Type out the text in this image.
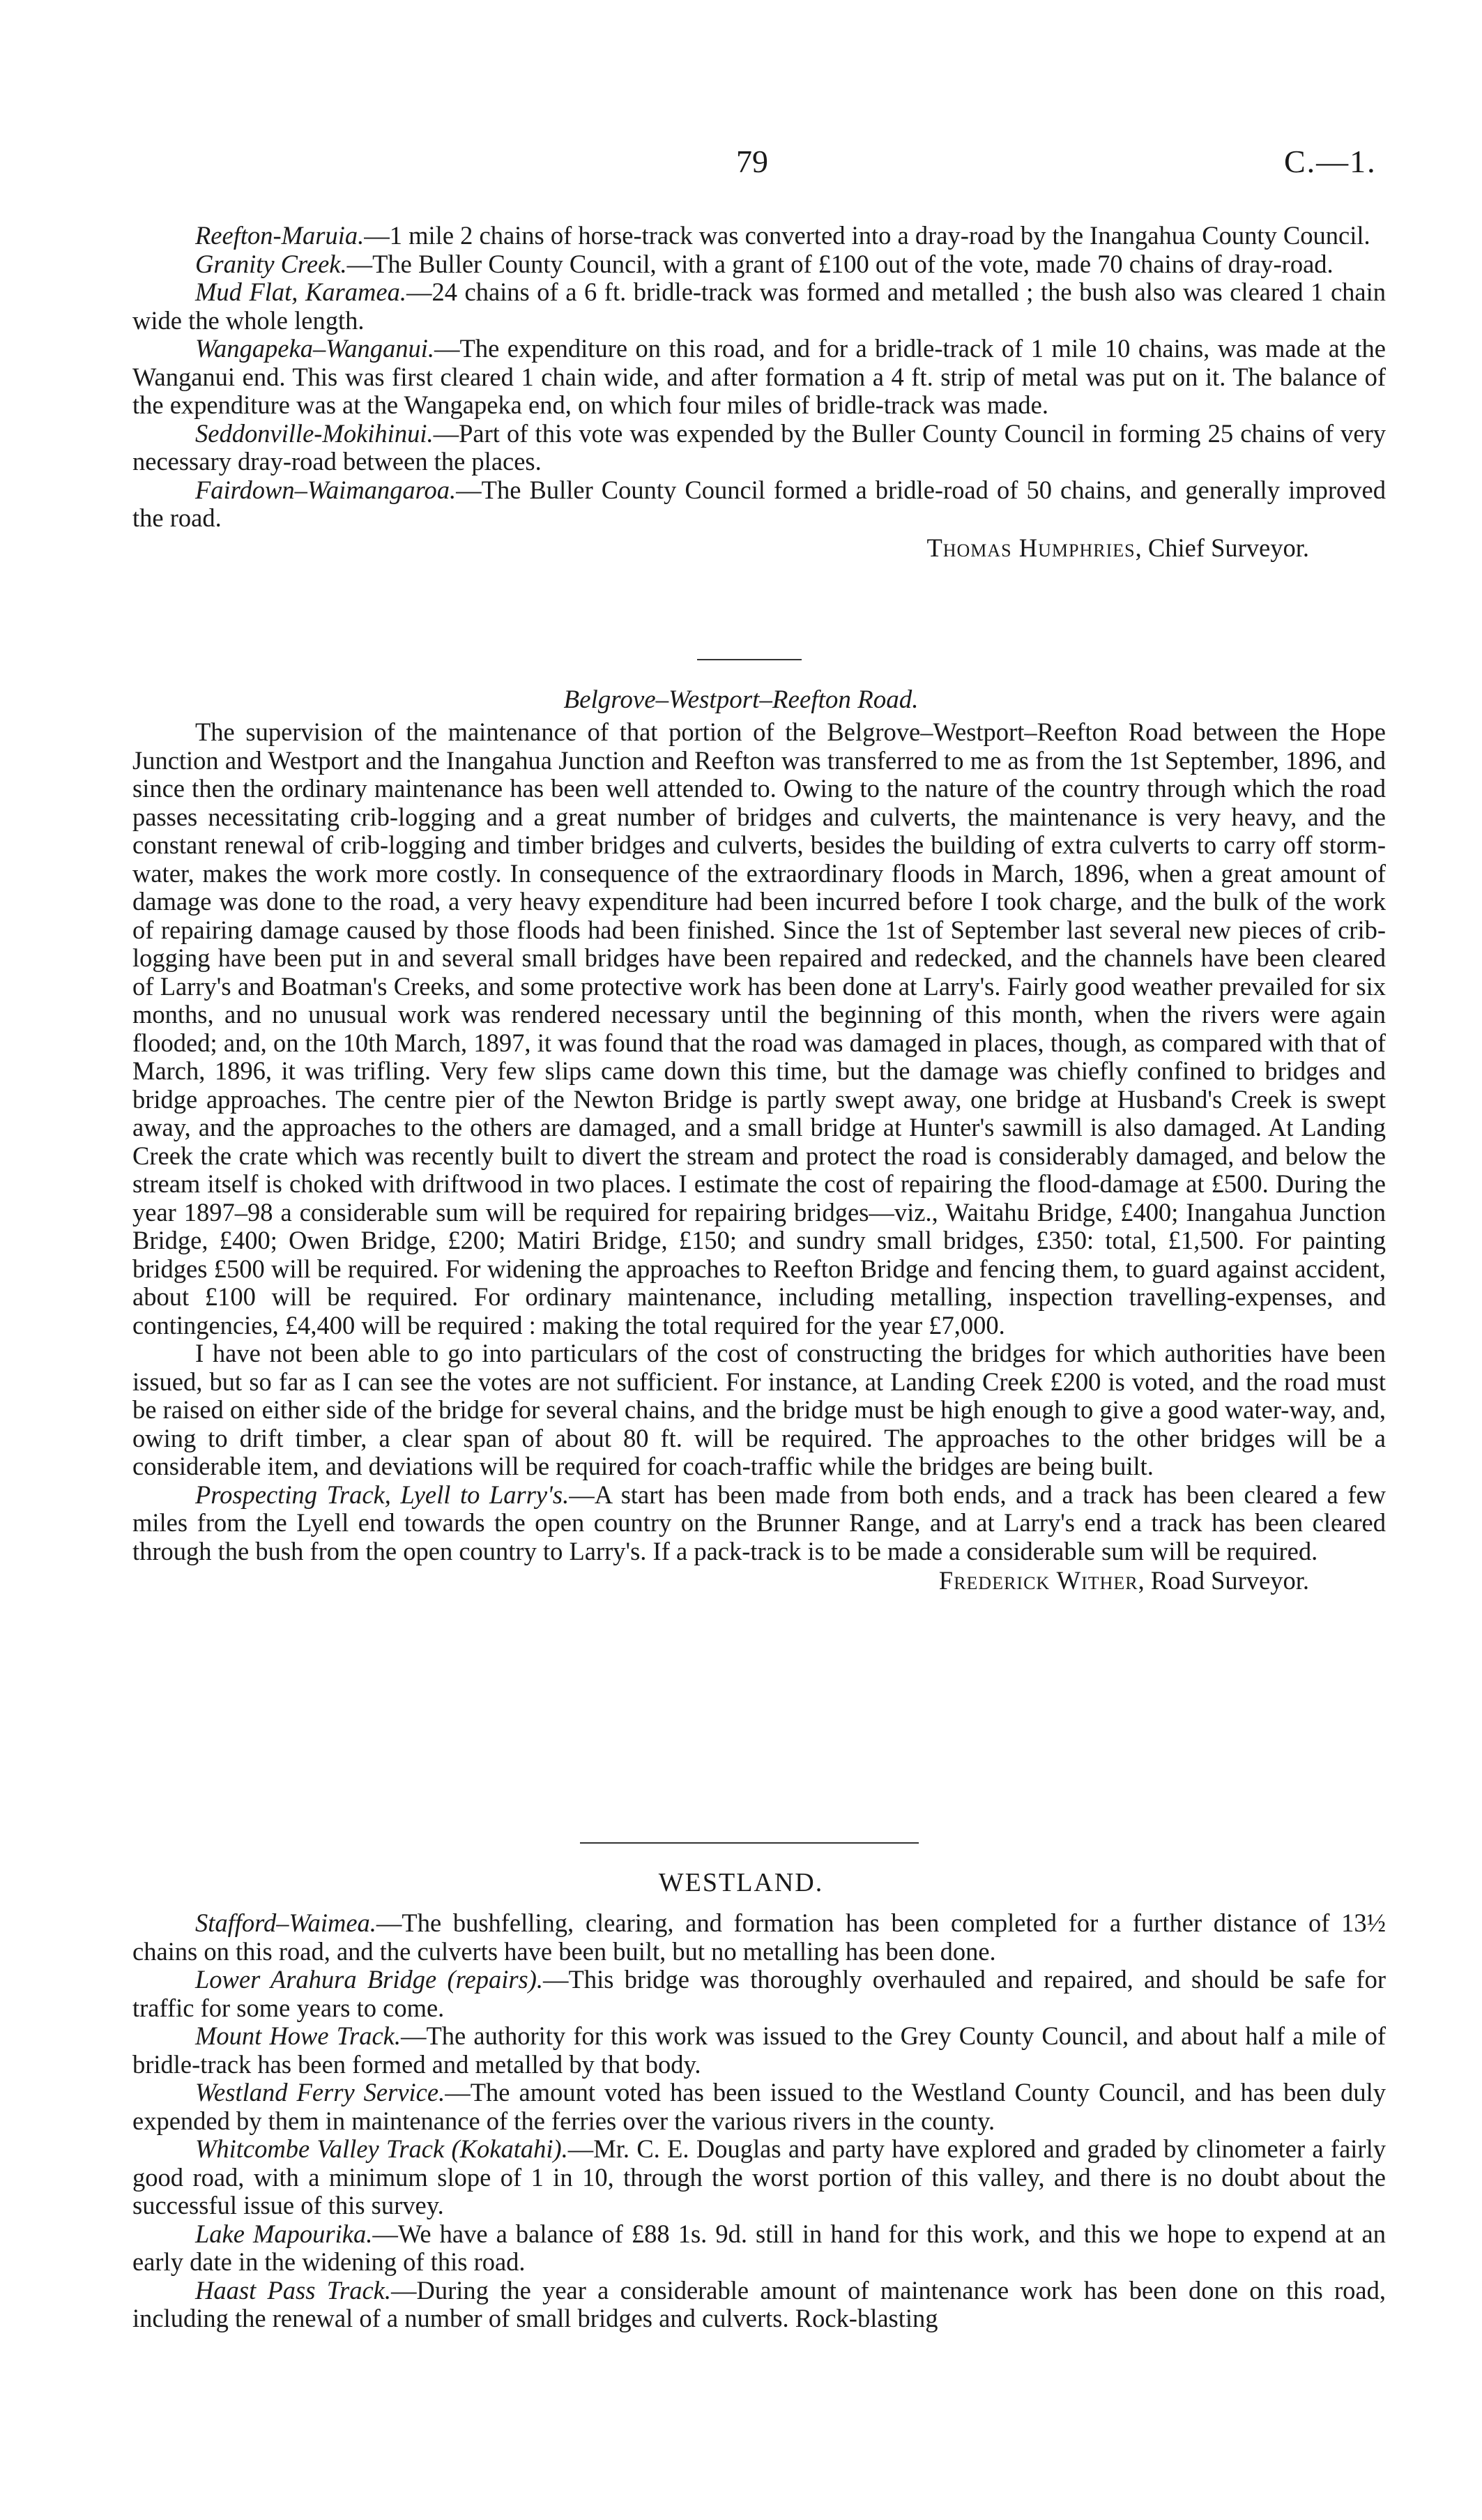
79	C.—1.

Reefton-Maruia.—1 mile 2 chains of horse-track was converted into a dray-road by the Inangahua County Council.

Granity Creek.—The Buller County Council, with a grant of £100 out of the vote, made 70 chains of dray-road.

Mud Flat, Karamea.—24 chains of a 6 ft. bridle-track was formed and metalled ; the bush also was cleared 1 chain wide the whole length.

Wangapeka–Wanganui.—The expenditure on this road, and for a bridle-track of 1 mile 10 chains, was made at the Wanganui end. This was first cleared 1 chain wide, and after formation a 4 ft. strip of metal was put on it. The balance of the expenditure was at the Wangapeka end, on which four miles of bridle-track was made.

Seddonville-Mokihinui.—Part of this vote was expended by the Buller County Council in forming 25 chains of very necessary dray-road between the places.

Fairdown–Waimangaroa.—The Buller County Council formed a bridle-road of 50 chains, and generally improved the road.

Thomas Humphries, Chief Surveyor.
Belgrove–Westport–Reefton Road.

The supervision of the maintenance of that portion of the Belgrove–Westport–Reefton Road between the Hope Junction and Westport and the Inangahua Junction and Reefton was transferred to me as from the 1st September, 1896, and since then the ordinary maintenance has been well attended to. Owing to the nature of the country through which the road passes necessitating crib-logging and a great number of bridges and culverts, the maintenance is very heavy, and the constant renewal of crib-logging and timber bridges and culverts, besides the building of extra culverts to carry off storm-water, makes the work more costly. In consequence of the extraordinary floods in March, 1896, when a great amount of damage was done to the road, a very heavy expenditure had been incurred before I took charge, and the bulk of the work of repairing damage caused by those floods had been finished. Since the 1st of September last several new pieces of crib-logging have been put in and several small bridges have been repaired and redecked, and the channels have been cleared of Larry's and Boatman's Creeks, and some protective work has been done at Larry's. Fairly good weather prevailed for six months, and no unusual work was rendered necessary until the beginning of this month, when the rivers were again flooded; and, on the 10th March, 1897, it was found that the road was damaged in places, though, as compared with that of March, 1896, it was trifling. Very few slips came down this time, but the damage was chiefly confined to bridges and bridge approaches. The centre pier of the Newton Bridge is partly swept away, one bridge at Husband's Creek is swept away, and the approaches to the others are damaged, and a small bridge at Hunter's sawmill is also damaged. At Landing Creek the crate which was recently built to divert the stream and protect the road is considerably damaged, and below the stream itself is choked with driftwood in two places. I estimate the cost of repairing the flood-damage at £500. During the year 1897–98 a considerable sum will be required for repairing bridges—viz., Waitahu Bridge, £400; Inangahua Junction Bridge, £400; Owen Bridge, £200; Matiri Bridge, £150; and sundry small bridges, £350: total, £1,500. For painting bridges £500 will be required. For widening the approaches to Reefton Bridge and fencing them, to guard against accident, about £100 will be required. For ordinary maintenance, including metalling, inspection travelling-expenses, and contingencies, £4,400 will be required : making the total required for the year £7,000.

I have not been able to go into particulars of the cost of constructing the bridges for which authorities have been issued, but so far as I can see the votes are not sufficient. For instance, at Landing Creek £200 is voted, and the road must be raised on either side of the bridge for several chains, and the bridge must be high enough to give a good water-way, and, owing to drift timber, a clear span of about 80 ft. will be required. The approaches to the other bridges will be a considerable item, and deviations will be required for coach-traffic while the bridges are being built.

Prospecting Track, Lyell to Larry's.—A start has been made from both ends, and a track has been cleared a few miles from the Lyell end towards the open country on the Brunner Range, and at Larry's end a track has been cleared through the bush from the open country to Larry's. If a pack-track is to be made a considerable sum will be required.

Frederick Wither, Road Surveyor.
WESTLAND.

Stafford–Waimea.—The bushfelling, clearing, and formation has been completed for a further distance of 13½ chains on this road, and the culverts have been built, but no metalling has been done.

Lower Arahura Bridge (repairs).—This bridge was thoroughly overhauled and repaired, and should be safe for traffic for some years to come.

Mount Howe Track.—The authority for this work was issued to the Grey County Council, and about half a mile of bridle-track has been formed and metalled by that body.

Westland Ferry Service.—The amount voted has been issued to the Westland County Council, and has been duly expended by them in maintenance of the ferries over the various rivers in the county.

Whitcombe Valley Track (Kokatahi).—Mr. C. E. Douglas and party have explored and graded by clinometer a fairly good road, with a minimum slope of 1 in 10, through the worst portion of this valley, and there is no doubt about the successful issue of this survey.

Lake Mapourika.—We have a balance of £88 1s. 9d. still in hand for this work, and this we hope to expend at an early date in the widening of this road.

Haast Pass Track.—During the year a considerable amount of maintenance work has been done on this road, including the renewal of a number of small bridges and culverts. Rock-blasting
